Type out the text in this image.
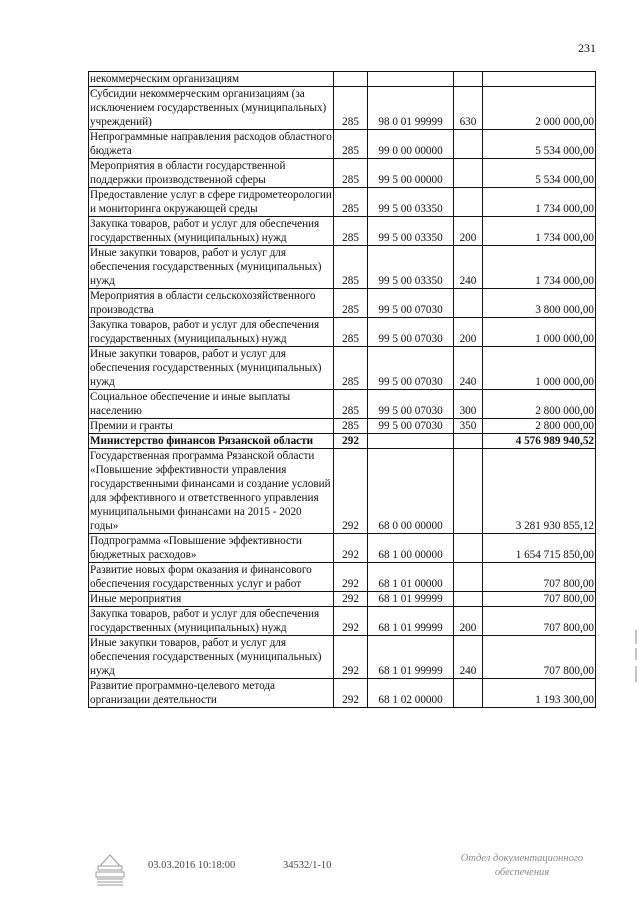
231
некоммерческим организациям				
Субсидии некоммерческим организациям (за исключением государственных (муниципальных) учреждений)	285	98 0 01 99999	630	2 000 000,00
Непрограммные направления расходов областного бюджета	285	99 0 00 00000		5 534 000,00
Мероприятия в области государственной поддержки производственной сферы	285	99 5 00 00000		5 534 000,00
Предоставление услуг в сфере гидрометеорологии и мониторинга окружающей среды	285	99 5 00 03350		1 734 000,00
Закупка товаров, работ и услуг для обеспечения государственных (муниципальных) нужд	285	99 5 00 03350	200	1 734 000,00
Иные закупки товаров, работ и услуг для обеспечения государственных (муниципальных) нужд	285	99 5 00 03350	240	1 734 000,00
Мероприятия в области сельскохозяйственного производства	285	99 5 00 07030		3 800 000,00
Закупка товаров, работ и услуг для обеспечения государственных (муниципальных) нужд	285	99 5 00 07030	200	1 000 000,00
Иные закупки товаров, работ и услуг для обеспечения государственных (муниципальных) нужд	285	99 5 00 07030	240	1 000 000,00
Социальное обеспечение и иные выплаты населению	285	99 5 00 07030	300	2 800 000,00
Премии и гранты	285	99 5 00 07030	350	2 800 000,00
Министерство финансов Рязанской области	292			4 576 989 940,52
Государственная программа Рязанской области «Повышение эффективности управления государственными финансами и создание условий для эффективного и ответственного управления муниципальными финансами на 2015 - 2020 годы»	292	68 0 00 00000		3 281 930 855,12
Подпрограмма «Повышение эффективности бюджетных расходов»	292	68 1 00 00000		1 654 715 850,00
Развитие новых форм оказания и финансового обеспечения государственных услуг и работ	292	68 1 01 00000		707 800,00
Иные мероприятия	292	68 1 01 99999		707 800,00
Закупка товаров, работ и услуг для обеспечения государственных (муниципальных) нужд	292	68 1 01 99999	200	707 800,00
Иные закупки товаров, работ и услуг для обеспечения государственных (муниципальных) нужд	292	68 1 01 99999	240	707 800,00
Развитие программно-целевого метода организации деятельности	292	68 1 02 00000		1 193 300,00
03.03.2016 10:18:00	34532/1-10
Отдел документационного
обеспечения
